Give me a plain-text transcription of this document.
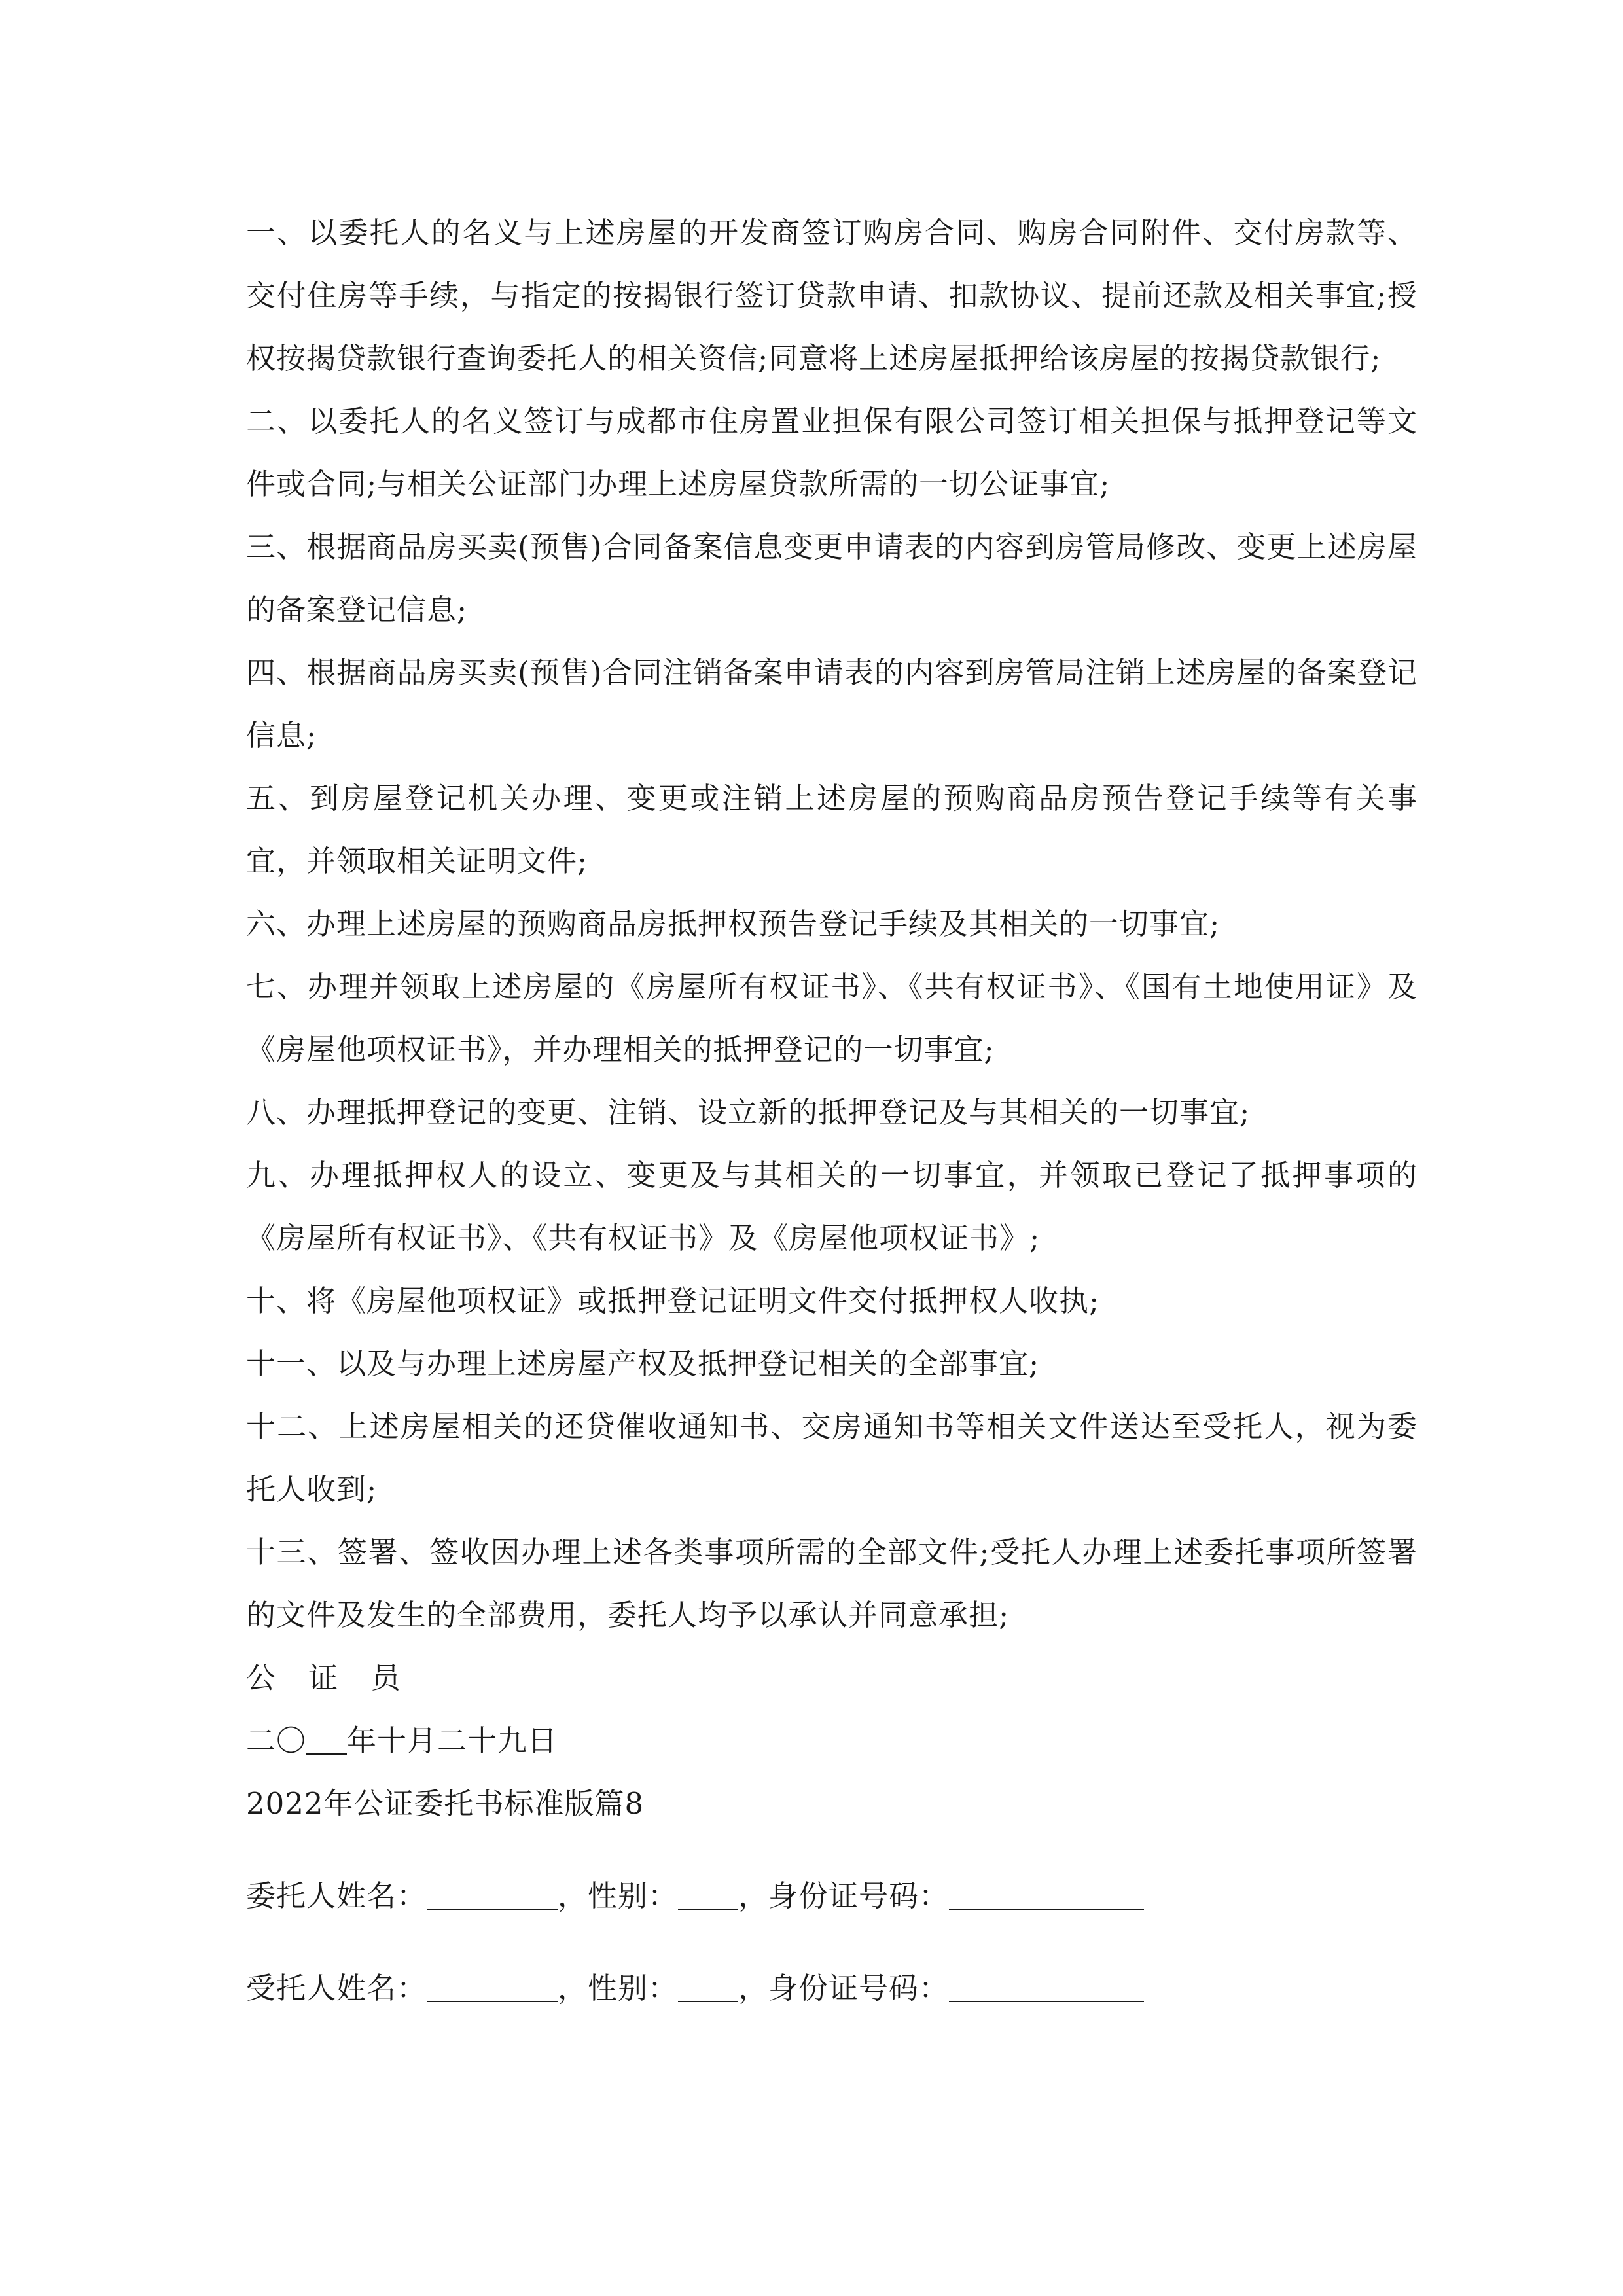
一、以委托人的名义与上述房屋的开发商签订购房合同、购房合同附件、交付房款等、交付住房等手续，与指定的按揭银行签订贷款申请、扣款协议、提前还款及相关事宜;授权按揭贷款银行查询委托人的相关资信;同意将上述房屋抵押给该房屋的按揭贷款银行;

二、以委托人的名义签订与成都市住房置业担保有限公司签订相关担保与抵押登记等文件或合同;与相关公证部门办理上述房屋贷款所需的一切公证事宜;

三、根据商品房买卖(预售)合同备案信息变更申请表的内容到房管局修改、变更上述房屋的备案登记信息;

四、根据商品房买卖(预售)合同注销备案申请表的内容到房管局注销上述房屋的备案登记信息;

五、到房屋登记机关办理、变更或注销上述房屋的预购商品房预告登记手续等有关事宜，并领取相关证明文件;

六、办理上述房屋的预购商品房抵押权预告登记手续及其相关的一切事宜;

七、办理并领取上述房屋的《房屋所有权证书》、《共有权证书》、《国有土地使用证》及《房屋他项权证书》，并办理相关的抵押登记的一切事宜;

八、办理抵押登记的变更、注销、设立新的抵押登记及与其相关的一切事宜;

九、办理抵押权人的设立、变更及与其相关的一切事宜，并领取已登记了抵押事项的《房屋所有权证书》、《共有权证书》及《房屋他项权证书》;

十、将《房屋他项权证》或抵押登记证明文件交付抵押权人收执;

十一、以及与办理上述房屋产权及抵押登记相关的全部事宜;

十二、上述房屋相关的还贷催收通知书、交房通知书等相关文件送达至受托人，视为委托人收到;

十三、签署、签收因办理上述各类事项所需的全部文件;受托人办理上述委托事项所签署的文件及发生的全部费用，委托人均予以承认并同意承担;

公 证 员

二〇 年十月二十九日

2022年公证委托书标准版篇8

委托人姓名：	，性别： ，身份证号码：

受托人姓名：	，性别： ，身份证号码：
